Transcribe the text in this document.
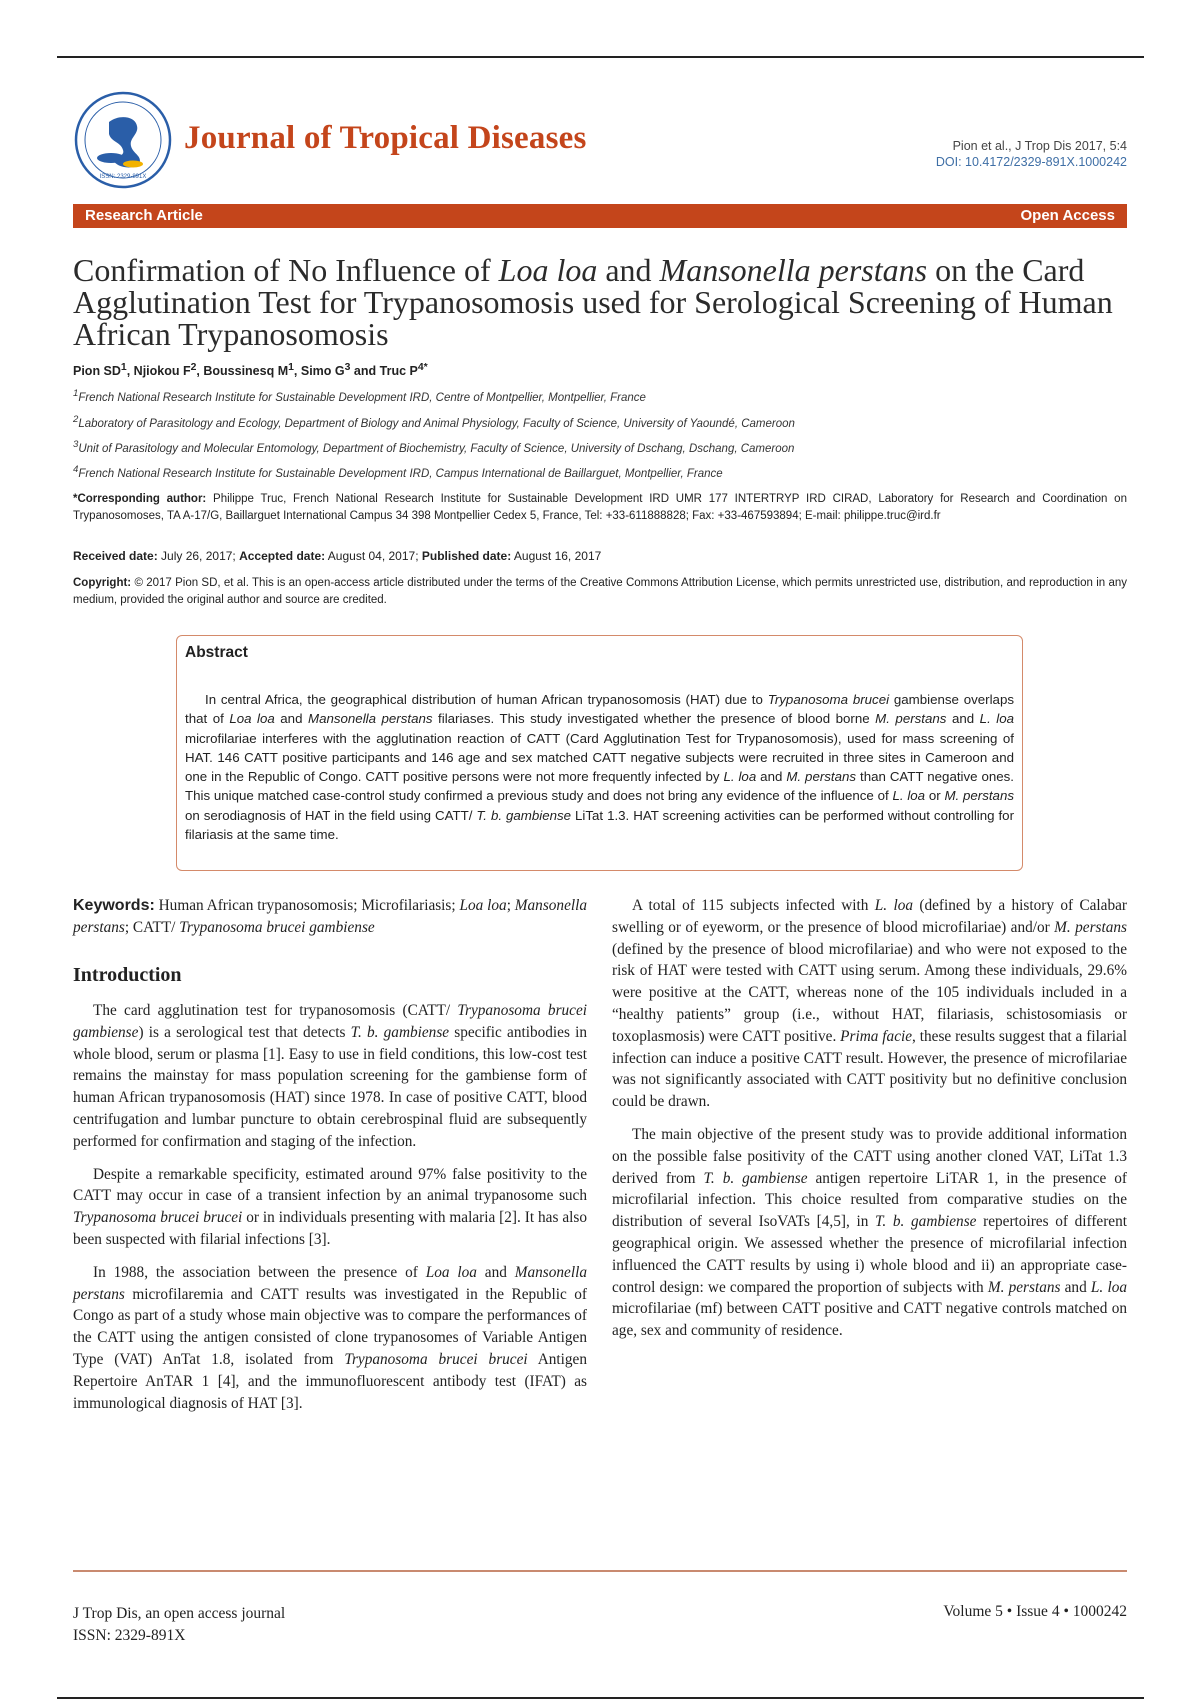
ISSN: 2329-891X
Journal of Tropical Diseases	Pion et al., J Trop Dis 2017, 5:4
DOI: 10.4172/2329-891X.1000242
Research Article	Open Access
Confirmation of No Influence of Loa loa and Mansonella perstans on the Card Agglutination Test for Trypanosomosis used for Serological Screening of Human African Trypanosomosis
Pion $SD^1$, Njiokou $F^2$, Boussinesq $M^1$, Simo $G^3$ and Truc $P^{4*}$
$^1$French National Research Institute for Sustainable Development IRD, Centre of Montpellier, Montpellier, France
$^2$Laboratory of Parasitology and Ecology, Department of Biology and Animal Physiology, Faculty of Science, University of Yaoundé, Cameroon
$^3$Unit of Parasitology and Molecular Entomology, Department of Biochemistry, Faculty of Science, University of Dschang, Dschang, Cameroon
$^4$French National Research Institute for Sustainable Development IRD, Campus International de Baillarguet, Montpellier, France
*Corresponding author: Philippe Truc, French National Research Institute for Sustainable Development IRD UMR 177 INTERTRYP IRD CIRAD, Laboratory for Research and Coordination on Trypanosomoses, TA A-17/G, Baillarguet International Campus 34 398 Montpellier Cedex 5, France, Tel: +33-611888828; Fax: +33-467593894; E-mail: philippe.truc@ird.fr
Received date: July 26, 2017; Accepted date: August 04, 2017; Published date: August 16, 2017
Copyright: © 2017 Pion SD, et al. This is an open-access article distributed under the terms of the Creative Commons Attribution License, which permits unrestricted use, distribution, and reproduction in any medium, provided the original author and source are credited.
Abstract
In central Africa, the geographical distribution of human African trypanosomosis (HAT) due to Trypanosoma brucei gambiense overlaps that of Loa loa and Mansonella perstans filariases. This study investigated whether the presence of blood borne M. perstans and L. loa microfilariae interferes with the agglutination reaction of CATT (Card Agglutination Test for Trypanosomosis), used for mass screening of HAT. 146 CATT positive participants and 146 age and sex matched CATT negative subjects were recruited in three sites in Cameroon and one in the Republic of Congo. CATT positive persons were not more frequently infected by L. loa and M. perstans than CATT negative ones. This unique matched case-control study confirmed a previous study and does not bring any evidence of the influence of L. loa or M. perstans on serodiagnosis of HAT in the field using CATT/ T. b. gambiense LiTat 1.3. HAT screening activities can be performed without controlling for filariasis at the same time.
Keywords: Human African trypanosomosis; Microfilariasis; Loa loa; Mansonella perstans; CATT/ Trypanosoma brucei gambiense
Introduction

The card agglutination test for trypanosomosis (CATT/ Trypanosoma brucei gambiense) is a serological test that detects T. b. gambiense specific antibodies in whole blood, serum or plasma [1]. Easy to use in field conditions, this low-cost test remains the mainstay for mass population screening for the gambiense form of human African trypanosomosis (HAT) since 1978. In case of positive CATT, blood centrifugation and lumbar puncture to obtain cerebrospinal fluid are subsequently performed for confirmation and staging of the infection.

Despite a remarkable specificity, estimated around 97% false positivity to the CATT may occur in case of a transient infection by an animal trypanosome such Trypanosoma brucei brucei or in individuals presenting with malaria [2]. It has also been suspected with filarial infections [3].

In 1988, the association between the presence of Loa loa and Mansonella perstans microfilaremia and CATT results was investigated in the Republic of Congo as part of a study whose main objective was to compare the performances of the CATT using the antigen consisted of clone trypanosomes of Variable Antigen Type (VAT) AnTat 1.8, isolated from Trypanosoma brucei brucei Antigen Repertoire AnTAR 1 [4], and the immunofluorescent antibody test (IFAT) as immunological diagnosis of HAT [3].

A total of 115 subjects infected with L. loa (defined by a history of Calabar swelling or of eyeworm, or the presence of blood microfilariae) and/or M. perstans (defined by the presence of blood microfilariae) and who were not exposed to the risk of HAT were tested with CATT using serum. Among these individuals, 29.6% were positive at the CATT, whereas none of the 105 individuals included in a “healthy patients” group (i.e., without HAT, filariasis, schistosomiasis or toxoplasmosis) were CATT positive. Prima facie, these results suggest that a filarial infection can induce a positive CATT result. However, the presence of microfilariae was not significantly associated with CATT positivity but no definitive conclusion could be drawn.

The main objective of the present study was to provide additional information on the possible false positivity of the CATT using another cloned VAT, LiTat 1.3 derived from T. b. gambiense antigen repertoire LiTAR 1, in the presence of microfilarial infection. This choice resulted from comparative studies on the distribution of several IsoVATs [4,5], in T. b. gambiense repertoires of different geographical origin. We assessed whether the presence of microfilarial infection influenced the CATT results by using i) whole blood and ii) an appropriate case-control design: we compared the proportion of subjects with M. perstans and L. loa microfilariae (mf) between CATT positive and CATT negative controls matched on age, sex and community of residence.

J Trop Dis, an open access journal
ISSN: 2329-891X
Volume 5 • Issue 4 • 1000242
